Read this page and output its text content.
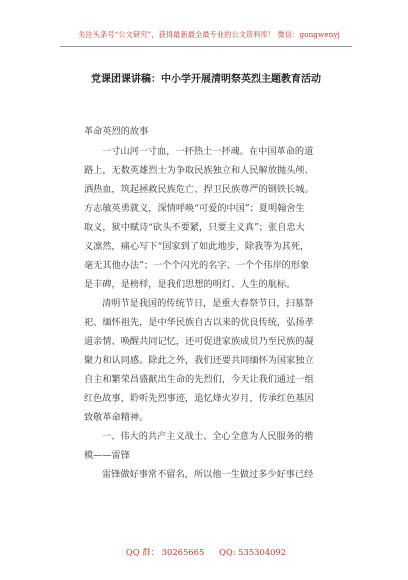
关注头条号“公文研究”，获得最新最全最专业的公文资料库！ 微信：gongwenyj
党课团课讲稿：中小学开展清明祭英烈主题教育活动
革命英烈的故事
一寸山河一寸血，一抔热土一抔魂。在中国革命的道
路上，无数英雄烈士为争取民族独立和人民解放抛头颅、
洒热血，筑起拯救民族危亡、捍卫民族尊严的钢铁长城。
方志敏英勇就义，深情呼唤“可爱的中国”；夏明翰舍生
取义，狱中赋诗“砍头不要紧，只要主义真”；张自忠大
义凛然，痛心写下“国家到了如此地步，除我等为其死，
毫无其他办法”；一个个闪光的名字、一个个伟岸的形象
是丰碑，是榜样，是我们思想的明灯、人生的航标。
清明节是我国的传统节日，是重大春祭节日，扫墓祭
祀、缅怀祖先，是中华民族自古以来的优良传统，弘扬孝
道亲情、唤醒共同记忆，还可促进家族成员乃至民族的凝
聚力和认同感。除此之外，我们还要共同缅怀为国家独立
自主和繁荣昌盛献出生命的先烈们，今天让我们通过一组
红色故事，聆听先烈事迹，追忆烽火岁月，传承红色基因
致敬革命精神。
一、伟大的共产主义战士、全心全意为人民服务的楷
模——雷锋
雷锋做好事常不留名，所以他一生做过多少好事已经
QQ 群： 30265665 QQ: 535304092
